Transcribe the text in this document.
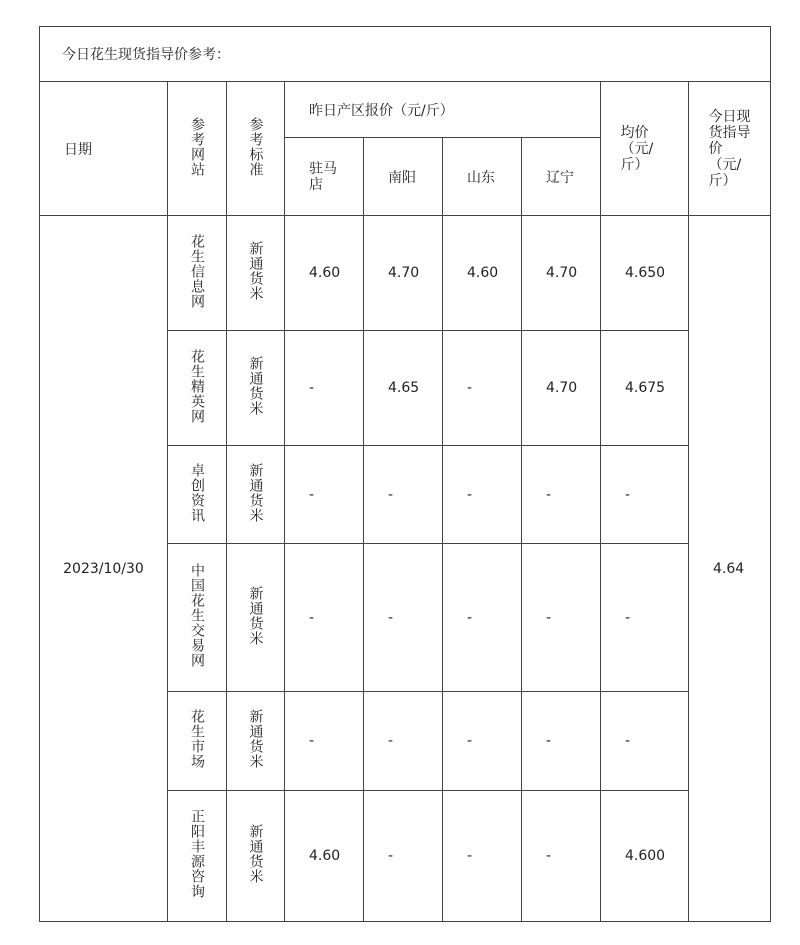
今日花生现货指导价参考：								
日期	参考网站	参考标准	昨日产区报价（元/斤）				均价（元/斤）	今日现货指导价（元/斤）
			驻马店	南阳	山东	辽宁		
2023/10/30	花生信息网	新通货米	4.60	4.70	4.60	4.70	4.650	4.64
	花生精英网	新通货米	-	4.65	-	4.70	4.675	
	卓创资讯	新通货米	-	-	-	-	-	
	中国花生交易网	新通货米	-	-	-	-	-	
	花生市场	新通货米	-	-	-	-	-	
	正阳丰源咨询	新通货米	4.60	-	-	-	4.600	
